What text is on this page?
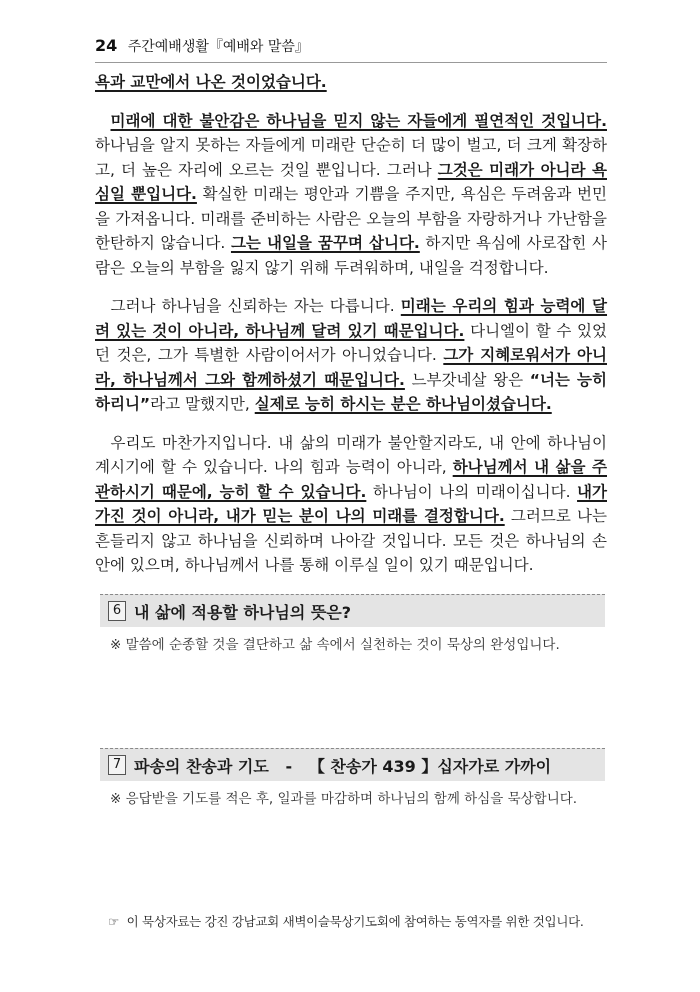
24 주간예배생활『예배와 말씀』

욕과 교만에서 나온 것이었습니다.

미래에 대한 불안감은 하나님을 믿지 않는 자들에게 필연적인 것입니다. 하나님을 알지 못하는 자들에게 미래란 단순히 더 많이 벌고, 더 크게 확장하고, 더 높은 자리에 오르는 것일 뿐입니다. 그러나 그것은 미래가 아니라 욕심일 뿐입니다. 확실한 미래는 평안과 기쁨을 주지만, 욕심은 두려움과 번민을 가져옵니다. 미래를 준비하는 사람은 오늘의 부함을 자랑하거나 가난함을 한탄하지 않습니다. 그는 내일을 꿈꾸며 삽니다. 하지만 욕심에 사로잡힌 사람은 오늘의 부함을 잃지 않기 위해 두려워하며, 내일을 걱정합니다.

그러나 하나님을 신뢰하는 자는 다릅니다. 미래는 우리의 힘과 능력에 달려 있는 것이 아니라, 하나님께 달려 있기 때문입니다. 다니엘이 할 수 있었던 것은, 그가 특별한 사람이어서가 아니었습니다. 그가 지혜로워서가 아니라, 하나님께서 그와 함께하셨기 때문입니다. 느부갓네살 왕은 “너는 능히 하리니”라고 말했지만, 실제로 능히 하시는 분은 하나님이셨습니다.

우리도 마찬가지입니다. 내 삶의 미래가 불안할지라도, 내 안에 하나님이 계시기에 할 수 있습니다. 나의 힘과 능력이 아니라, 하나님께서 내 삶을 주관하시기 때문에, 능히 할 수 있습니다. 하나님이 나의 미래이십니다. 내가 가진 것이 아니라, 내가 믿는 분이 나의 미래를 결정합니다. 그러므로 나는 흔들리지 않고 하나님을 신뢰하며 나아갈 것입니다. 모든 것은 하나님의 손안에 있으며, 하나님께서 나를 통해 이루실 일이 있기 때문입니다.

6 내 삶에 적용할 하나님의 뜻은?
※ 말씀에 순종할 것을 결단하고 삶 속에서 실천하는 것이 묵상의 완성입니다.
7 파송의 찬송과 기도   -   【 찬송가 439 】십자가로 가까이
※ 응답받을 기도를 적은 후, 일과를 마감하며 하나님의 함께 하심을 묵상합니다.
☞ 이 묵상자료는 강진 강남교회 새벽이슬묵상기도회에 참여하는 동역자를 위한 것입니다.
